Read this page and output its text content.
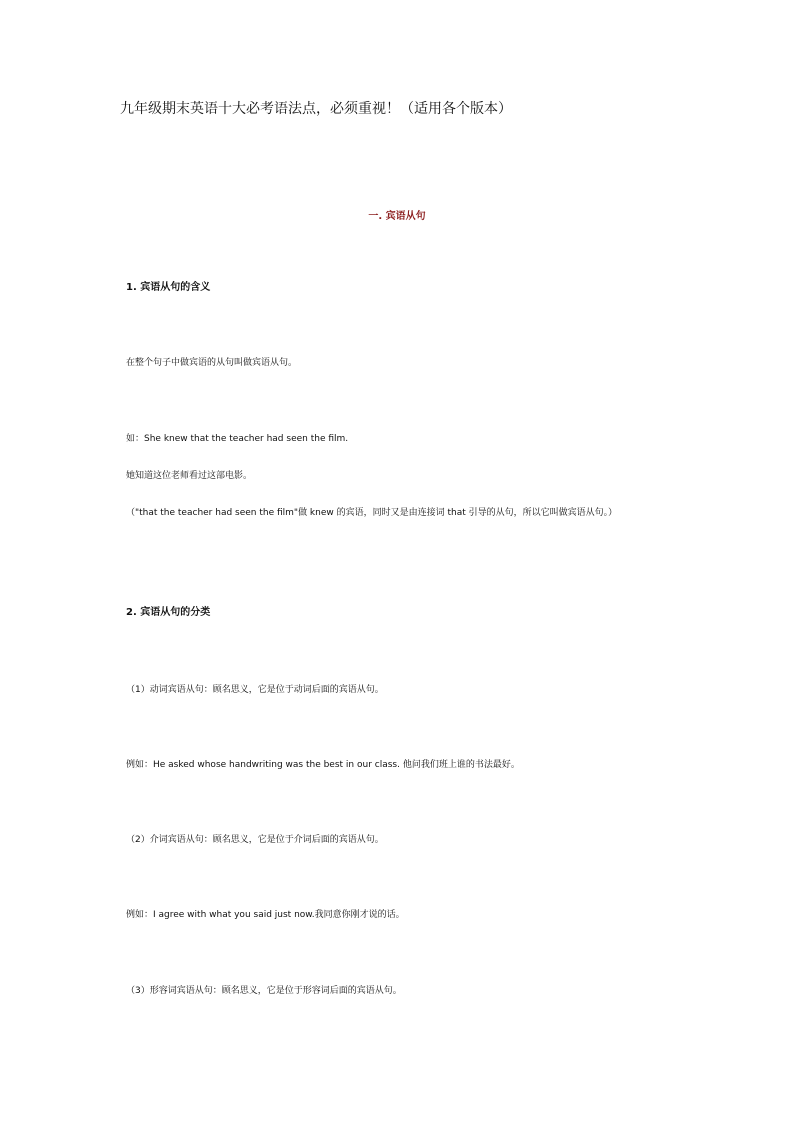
九年级期末英语十大必考语法点，必须重视！（适用各个版本）
一. 宾语从句
1. 宾语从句的含义
在整个句子中做宾语的从句叫做宾语从句。
如：She knew that the teacher had seen the film.
她知道这位老师看过这部电影。
（"that the teacher had seen the film"做 knew 的宾语，同时又是由连接词 that 引导的从句，所以它叫做宾语从句。）
2. 宾语从句的分类
（1）动词宾语从句：顾名思义，它是位于动词后面的宾语从句。
例如：He asked whose handwriting was the best in our class. 他问我们班上谁的书法最好。
（2）介词宾语从句：顾名思义，它是位于介词后面的宾语从句。
例如：I agree with what you said just now.我同意你刚才说的话。
（3）形容词宾语从句：顾名思义，它是位于形容词后面的宾语从句。
